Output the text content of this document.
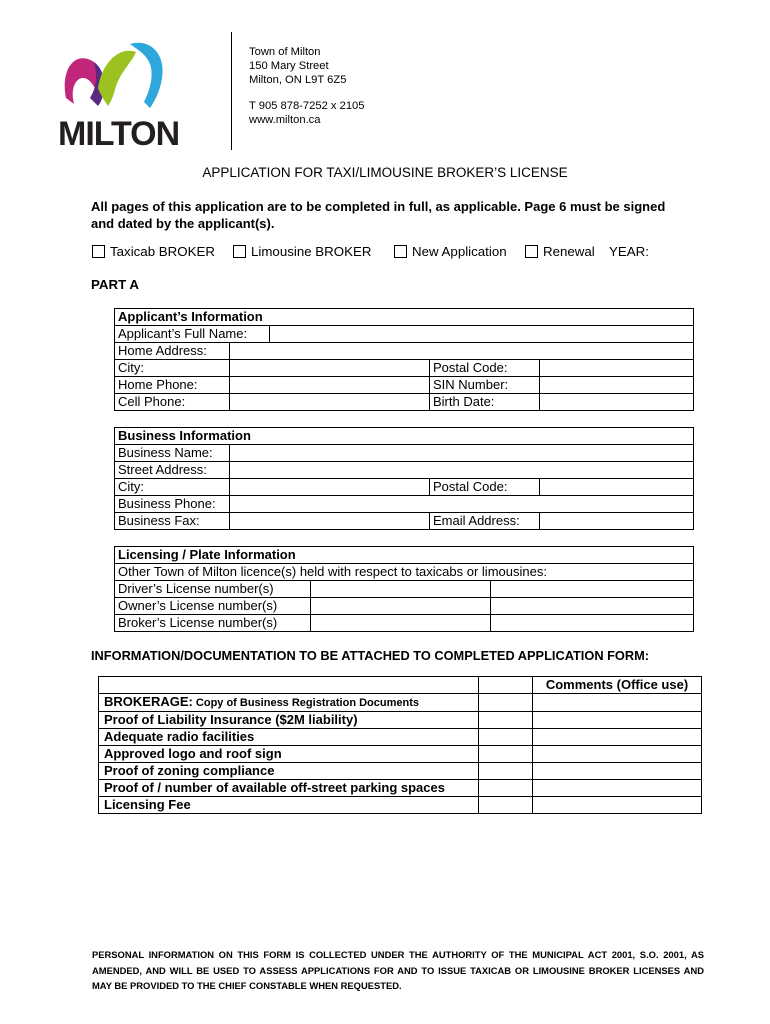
MILTON
Town of Milton
150 Mary Street
Milton, ON L9T 6Z5
T 905 878-7252 x 2105
www.milton.ca
APPLICATION FOR TAXI/LIMOUSINE BROKER’S LICENSE
All pages of this application are to be completed in full, as applicable. Page 6 must be signed and dated by the applicant(s).
Taxicab BROKER	Limousine BROKER	New Application	Renewal YEAR:
PART A
Applicant’s Information				
Applicant’s Full Name:				
Home Address:				
City:			Postal Code:	
Home Phone:			SIN Number:	
Cell Phone:			Birth Date:	
Business Information			
Business Name:			
Street Address:			
City:		Postal Code:	
Business Phone:			
Business Fax:		Email Address:	
Licensing / Plate Information		
Other Town of Milton licence(s) held with respect to taxicabs or limousines:		
Driver’s License number(s)		
Owner’s License number(s)		
Broker’s License number(s)		
INFORMATION/DOCUMENTATION TO BE ATTACHED TO COMPLETED APPLICATION FORM:
		Comments (Office use)
BROKERAGE: Copy of Business Registration Documents		
Proof of Liability Insurance ($2M liability)		
Adequate radio facilities		
Approved logo and roof sign		
Proof of zoning compliance		
Proof of / number of available off-street parking spaces		
Licensing Fee		
PERSONAL INFORMATION ON THIS FORM IS COLLECTED UNDER THE AUTHORITY OF THE MUNICIPAL ACT 2001, S.O. 2001, AS AMENDED, AND WILL BE USED TO ASSESS APPLICATIONS FOR AND TO ISSUE TAXICAB OR LIMOUSINE BROKER LICENSES AND MAY BE PROVIDED TO THE CHIEF CONSTABLE WHEN REQUESTED.
